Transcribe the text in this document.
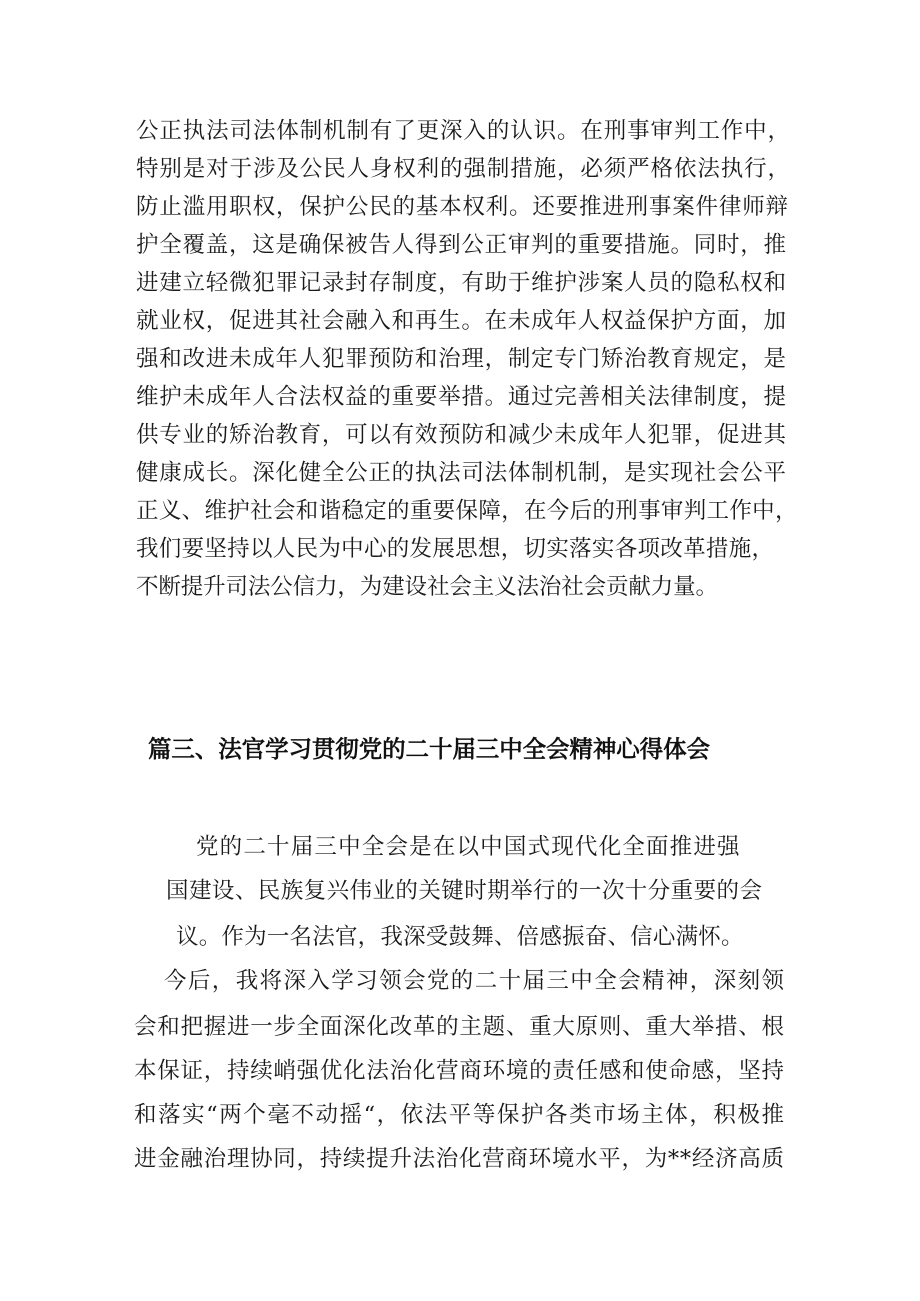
公正执法司法体制机制有了更深入的认识。在刑事审判工作中，
特别是对于涉及公民人身权利的强制措施，必须严格依法执行，
防止滥用职权，保护公民的基本权利。还要推进刑事案件律师辩
护全覆盖，这是确保被告人得到公正审判的重要措施。同时，推
进建立轻微犯罪记录封存制度，有助于维护涉案人员的隐私权和
就业权，促进其社会融入和再生。在未成年人权益保护方面，加
强和改进未成年人犯罪预防和治理，制定专门矫治教育规定，是
维护未成年人合法权益的重要举措。通过完善相关法律制度，提
供专业的矫治教育，可以有效预防和减少未成年人犯罪，促进其
健康成长。深化健全公正的执法司法体制机制，是实现社会公平
正义、维护社会和谐稳定的重要保障，在今后的刑事审判工作中，
我们要坚持以人民为中心的发展思想，切实落实各项改革措施，
不断提升司法公信力，为建设社会主义法治社会贡献力量。
篇三、法官学习贯彻党的二十届三中全会精神心得体会
党的二十届三中全会是在以中国式现代化全面推进强
国建设、民族复兴伟业的关键时期举行的一次十分重要的会
议。作为一名法官，我深受鼓舞、倍感振奋、信心满怀。
今后，我将深入学习领会党的二十届三中全会精神，深刻领
会和把握进一步全面深化改革的主题、重大原则、重大举措、根
本保证，持续峭强优化法治化营商环境的责任感和使命感，坚持
和落实“两个毫不动摇“，依法平等保护各类市场主体，积极推
进金融治理协同，持续提升法治化营商环境水平，为**经济高质
